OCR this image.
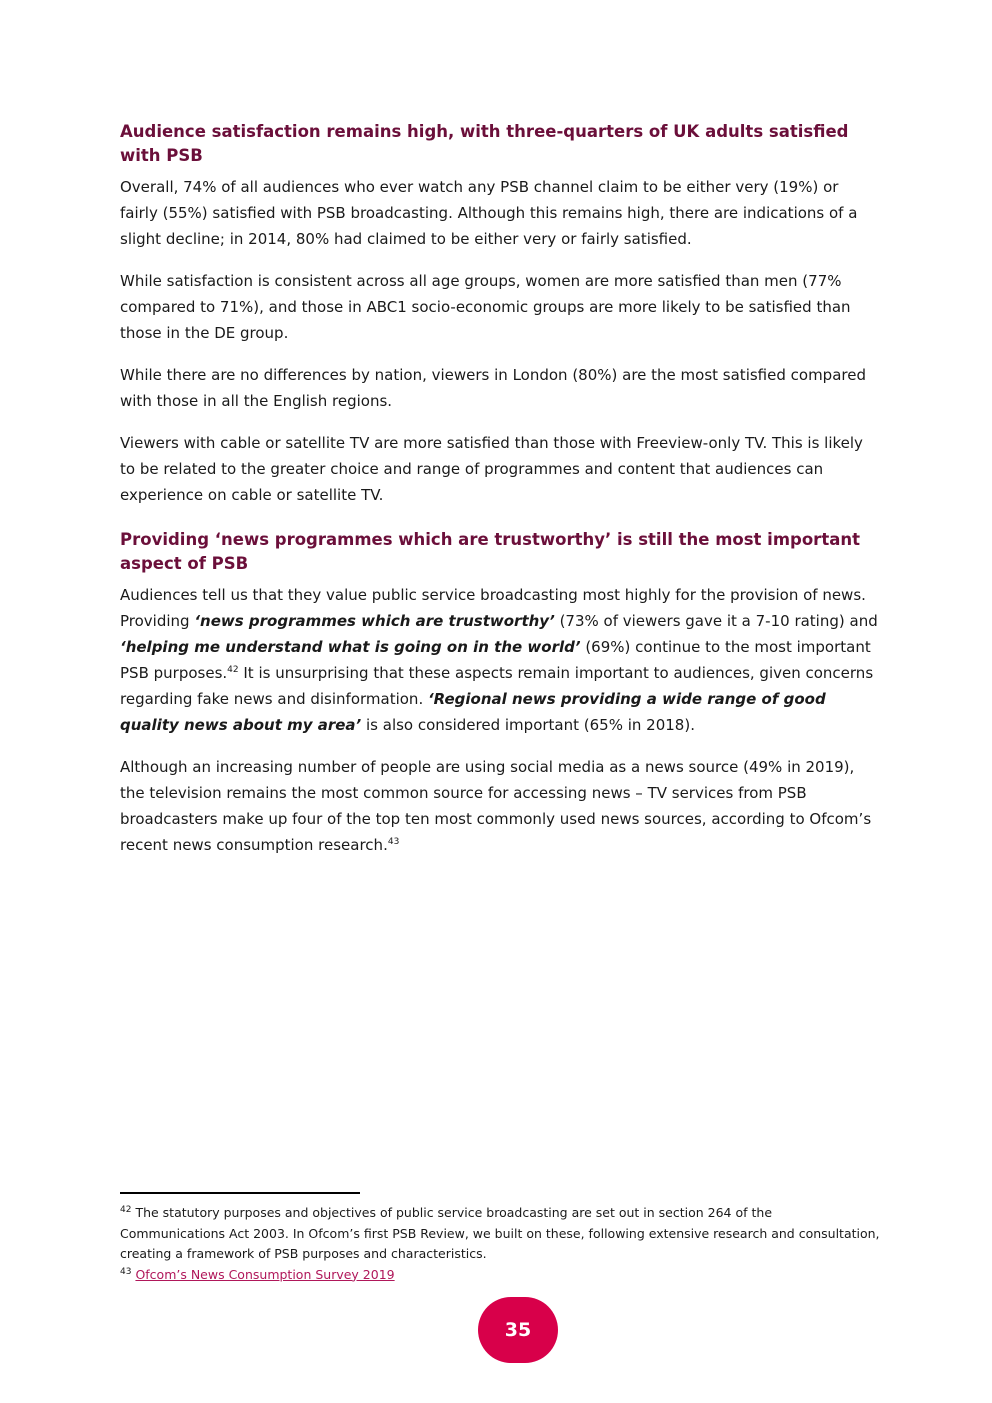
Audience satisfaction remains high, with three-quarters of UK adults satisfied with PSB

Overall, 74% of all audiences who ever watch any PSB channel claim to be either very (19%) or fairly (55%) satisfied with PSB broadcasting. Although this remains high, there are indications of a slight decline; in 2014, 80% had claimed to be either very or fairly satisfied.

While satisfaction is consistent across all age groups, women are more satisfied than men (77% compared to 71%), and those in ABC1 socio-economic groups are more likely to be satisfied than those in the DE group.

While there are no differences by nation, viewers in London (80%) are the most satisfied compared with those in all the English regions.

Viewers with cable or satellite TV are more satisfied than those with Freeview-only TV. This is likely to be related to the greater choice and range of programmes and content that audiences can experience on cable or satellite TV.

Providing ‘news programmes which are trustworthy’ is still the most important aspect of PSB

Audiences tell us that they value public service broadcasting most highly for the provision of news. Providing ‘news programmes which are trustworthy’ (73% of viewers gave it a 7-10 rating) and ‘helping me understand what is going on in the world’ (69%) continue to the most important PSB purposes.$^{42}$ It is unsurprising that these aspects remain important to audiences, given concerns regarding fake news and disinformation. ‘Regional news providing a wide range of good quality news about my area’ is also considered important (65% in 2018).

Although an increasing number of people are using social media as a news source (49% in 2019), the television remains the most common source for accessing news – TV services from PSB broadcasters make up four of the top ten most commonly used news sources, according to Ofcom’s recent news consumption research.$^{43}$

$^{42}$ The statutory purposes and objectives of public service broadcasting are set out in section 264 of the Communications Act 2003. In Ofcom’s first PSB Review, we built on these, following extensive research and consultation, creating a framework of PSB purposes and characteristics.
$^{43}$ Ofcom’s News Consumption Survey 2019
35
